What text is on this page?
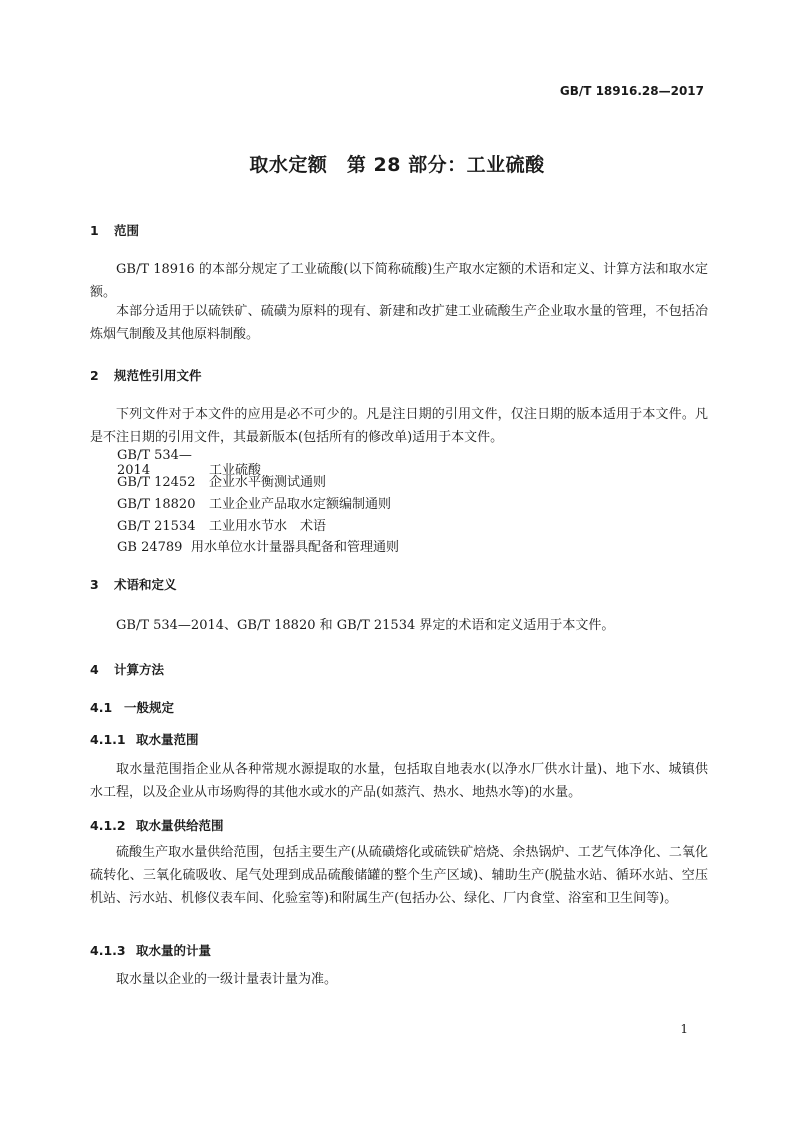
GB/T 18916.28—2017
取水定额　第 28 部分：工业硫酸
1 范围
GB/T 18916 的本部分规定了工业硫酸(以下简称硫酸)生产取水定额的术语和定义、计算方法和取水定额。
本部分适用于以硫铁矿、硫磺为原料的现有、新建和改扩建工业硫酸生产企业取水量的管理，不包括冶炼烟气制酸及其他原料制酸。
2 规范性引用文件
下列文件对于本文件的应用是必不可少的。凡是注日期的引用文件，仅注日期的版本适用于本文件。凡是不注日期的引用文件，其最新版本(包括所有的修改单)适用于本文件。
GB/T 534—2014	工业硫酸
GB/T 12452 企业水平衡测试通则
GB/T 18820 工业企业产品取水定额编制通则
GB/T 21534 工业用水节水　术语
GB 24789 用水单位水计量器具配备和管理通则
3 术语和定义
GB/T 534—2014、GB/T 18820 和 GB/T 21534 界定的术语和定义适用于本文件。
4 计算方法
4.1 一般规定
4.1.1 取水量范围
取水量范围指企业从各种常规水源提取的水量，包括取自地表水(以净水厂供水计量)、地下水、城镇供水工程，以及企业从市场购得的其他水或水的产品(如蒸汽、热水、地热水等)的水量。
4.1.2 取水量供给范围
硫酸生产取水量供给范围，包括主要生产(从硫磺熔化或硫铁矿焙烧、余热锅炉、工艺气体净化、二氧化硫转化、三氧化硫吸收、尾气处理到成品硫酸储罐的整个生产区域)、辅助生产(脱盐水站、循环水站、空压机站、污水站、机修仪表车间、化验室等)和附属生产(包括办公、绿化、厂内食堂、浴室和卫生间等)。
4.1.3 取水量的计量
取水量以企业的一级计量表计量为准。
1
